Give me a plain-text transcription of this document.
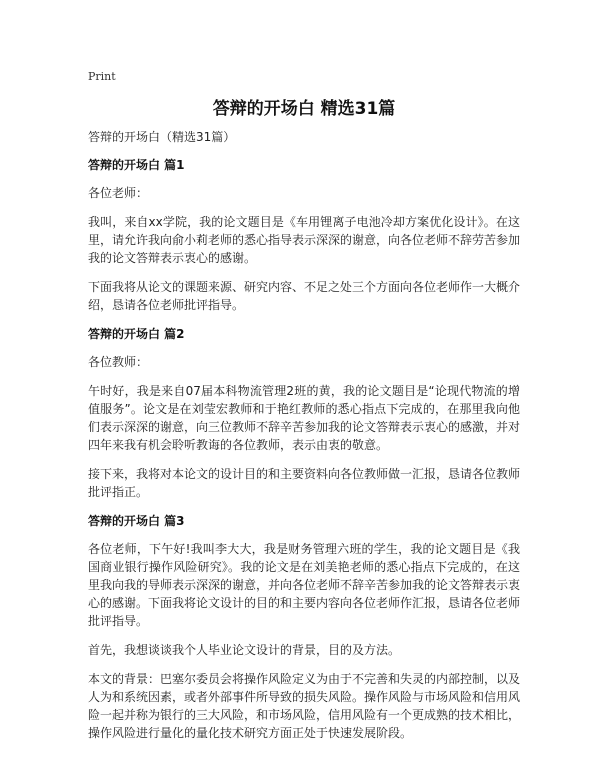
Print
答辩的开场白 精选31篇
答辩的开场白（精选31篇）
答辩的开场白 篇1

各位老师：

我叫，来自xx学院，我的论文题目是《车用锂离子电池冷却方案优化设计》。在这里，请允许我向俞小莉老师的悉心指导表示深深的谢意，向各位老师不辞劳苦参加我的论文答辩表示衷心的感谢。

下面我将从论文的课题来源、研究内容、不足之处三个方面向各位老师作一大概介绍，恳请各位老师批评指导。

答辩的开场白 篇2

各位教师：

午时好，我是来自07届本科物流管理2班的黄，我的论文题目是“论现代物流的增值服务”。论文是在刘莹宏教师和于艳红教师的悉心指点下完成的，在那里我向他们表示深深的谢意，向三位教师不辞辛苦参加我的论文答辩表示衷心的感激，并对四年来我有机会聆听教诲的各位教师，表示由衷的敬意。

接下来，我将对本论文的设计目的和主要资料向各位教师做一汇报，恳请各位教师批评指正。

答辩的开场白 篇3

各位老师，下午好!我叫李大大，我是财务管理六班的学生，我的论文题目是《我国商业银行操作风险研究》。我的论文是在刘美艳老师的悉心指点下完成的，在这里我向我的导师表示深深的谢意，并向各位老师不辞辛苦参加我的论文答辩表示衷心的感谢。下面我将论文设计的目的和主要内容向各位老师作汇报，恳请各位老师批评指导。

首先，我想谈谈我个人毕业论文设计的背景，目的及方法。

本文的背景：巴塞尔委员会将操作风险定义为由于不完善和失灵的内部控制，以及人为和系统因素，或者外部事件所导致的损失风险。操作风险与市场风险和信用风险一起并称为银行的三大风险，和市场风险，信用风险有一个更成熟的技术相比，操作风险进行量化的量化技术研究方面正处于快速发展阶段。
